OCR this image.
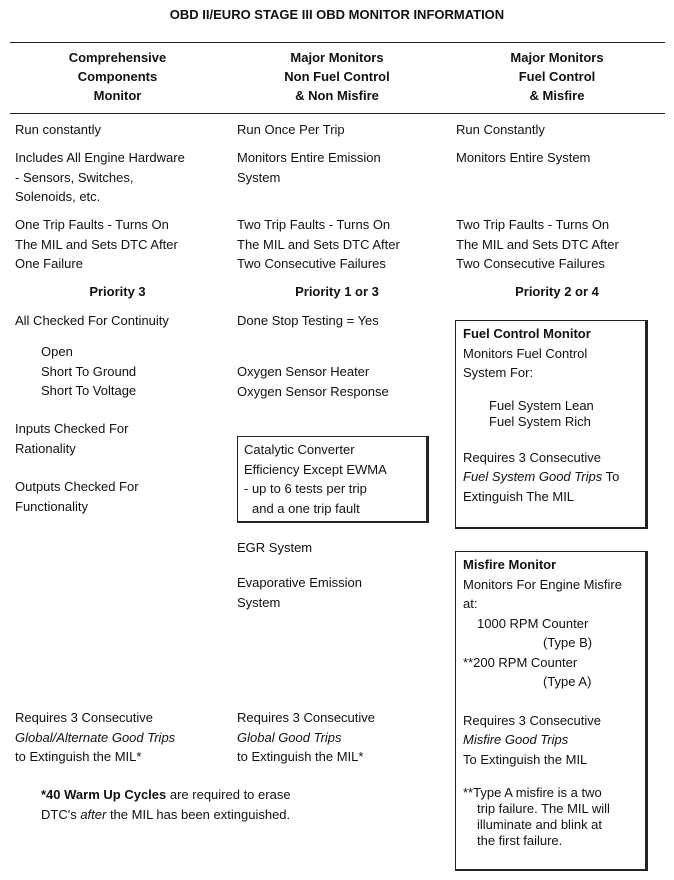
OBD II/EURO STAGE III OBD MONITOR INFORMATION
Comprehensive
Components
Monitor
Major Monitors
Non Fuel Control
& Non Misfire
Major Monitors
Fuel Control
& Misfire
Run constantly
Includes All Engine Hardware
- Sensors, Switches,
Solenoids, etc.
One Trip Faults - Turns On
The MIL and Sets DTC After
One Failure
Priority 3
All Checked For Continuity
Open
Short To Ground
Short To Voltage
Inputs Checked For
Rationality
Outputs Checked For
Functionality
Requires 3 Consecutive
Global/Alternate Good Trips
to Extinguish the MIL*
*40 Warm Up Cycles are required to erase
DTC's after the MIL has been extinguished.
Run Once Per Trip
Monitors Entire Emission
System
Two Trip Faults - Turns On
The MIL and Sets DTC After
Two Consecutive Failures
Priority 1 or 3
Done Stop Testing = Yes
Oxygen Sensor Heater
Oxygen Sensor Response
Catalytic Converter
Efficiency Except EWMA
- up to 6 tests per trip
and a one trip fault
EGR System
Evaporative Emission
System
Requires 3 Consecutive
Global Good Trips
to Extinguish the MIL*
Run Constantly
Monitors Entire System
Two Trip Faults - Turns On
The MIL and Sets DTC After
Two Consecutive Failures
Priority 2 or 4
Fuel Control Monitor
Monitors Fuel Control
System For:
Fuel System Lean
Fuel System Rich
Requires 3 Consecutive
Fuel System Good Trips To
Extinguish The MIL
Misfire Monitor
Monitors For Engine Misfire
at:
1000 RPM Counter
(Type B)
**200 RPM Counter
(Type A)
Requires 3 Consecutive
Misfire Good Trips
To Extinguish the MIL
**Type A misfire is a two
trip failure. The MIL will
illuminate and blink at
the first failure.
